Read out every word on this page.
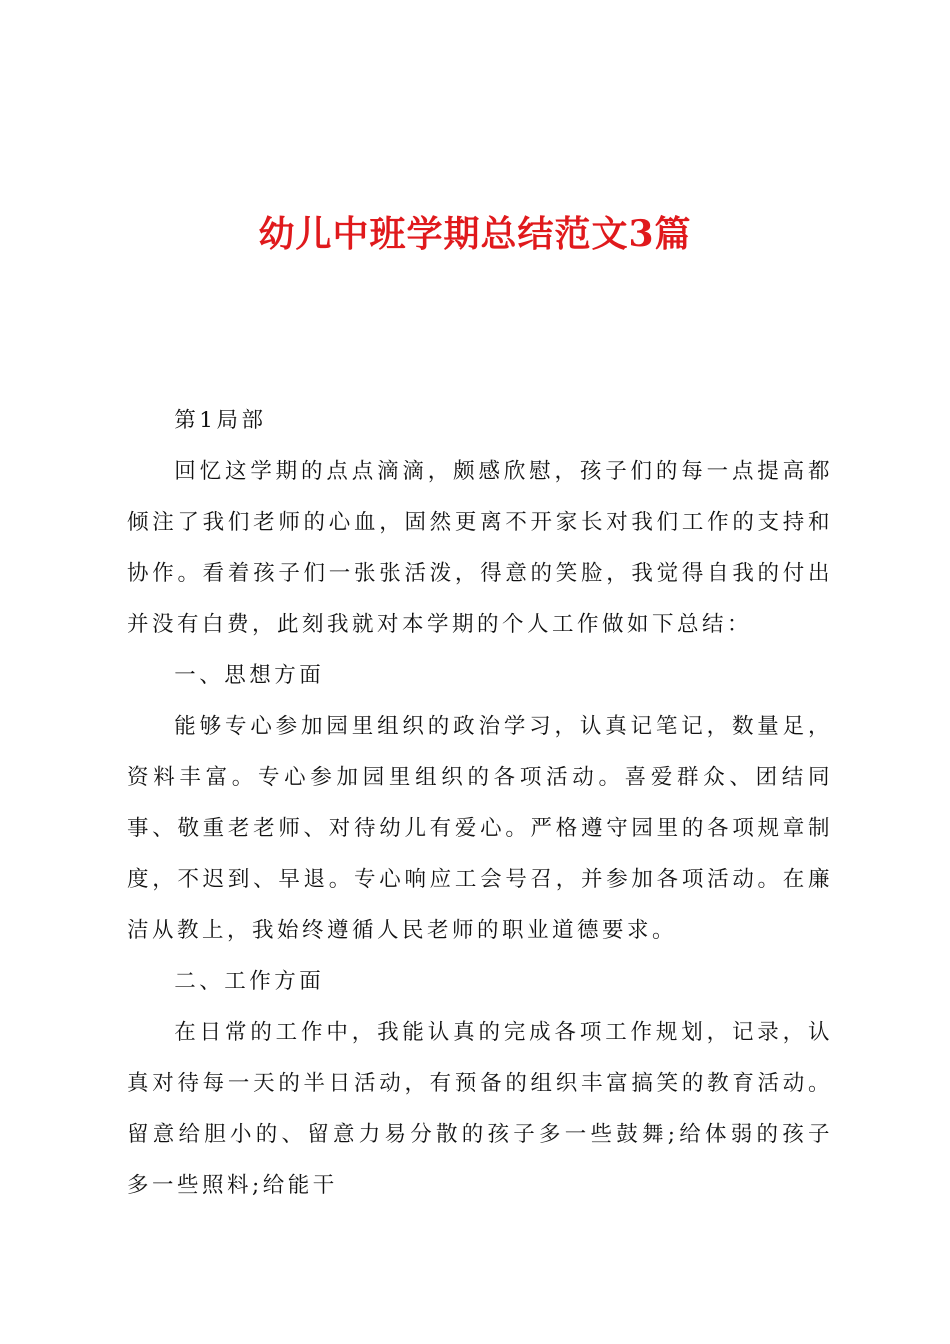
幼儿中班学期总结范文3篇

第1局部

回忆这学期的点点滴滴，颇感欣慰，孩子们的每一点提高都倾注了我们老师的心血，固然更离不开家长对我们工作的支持和协作。看着孩子们一张张活泼，得意的笑脸，我觉得自我的付出并没有白费，此刻我就对本学期的个人工作做如下总结：

一、思想方面

能够专心参加园里组织的政治学习，认真记笔记，数量足，资料丰富。专心参加园里组织的各项活动。喜爱群众、团结同事、敬重老老师、对待幼儿有爱心。严格遵守园里的各项规章制度，不迟到、早退。专心响应工会号召，并参加各项活动。在廉洁从教上，我始终遵循人民老师的职业道德要求。

二、工作方面

在日常的工作中，我能认真的完成各项工作规划，记录，认真对待每一天的半日活动，有预备的组织丰富搞笑的教育活动。留意给胆小的、留意力易分散的孩子多一些鼓舞;给体弱的孩子多一些照料;给能干
